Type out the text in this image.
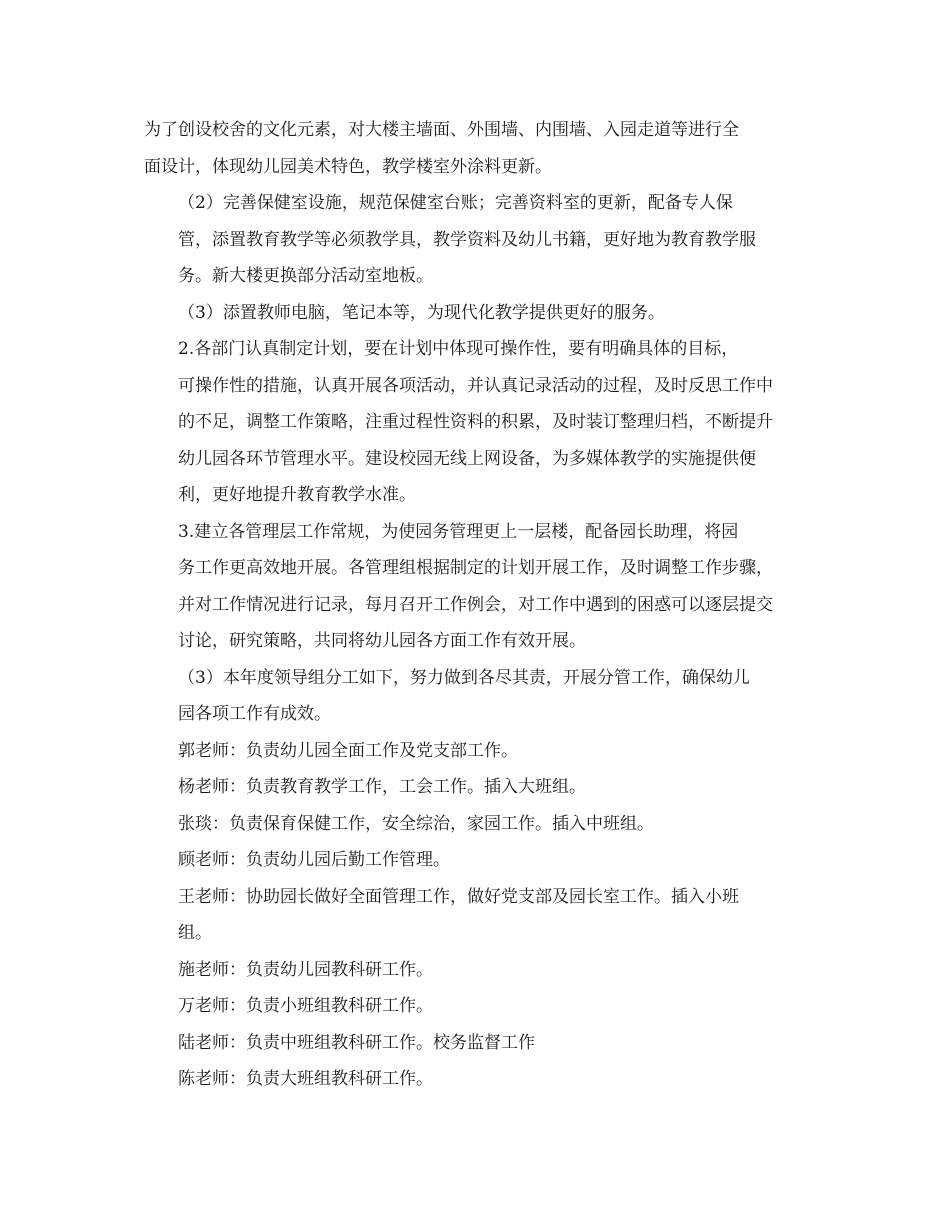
为了创设校舍的文化元素，对大楼主墙面、外围墙、内围墙、入园走道等进行全
面设计，体现幼儿园美术特色，教学楼室外涂料更新。
（2）完善保健室设施，规范保健室台账；完善资料室的更新，配备专人保
管，添置教育教学等必须教学具，教学资料及幼儿书籍，更好地为教育教学服
务。新大楼更换部分活动室地板。
（3）添置教师电脑，笔记本等，为现代化教学提供更好的服务。
2.各部门认真制定计划，要在计划中体现可操作性，要有明确具体的目标，
可操作性的措施，认真开展各项活动，并认真记录活动的过程，及时反思工作中
的不足，调整工作策略，注重过程性资料的积累，及时装订整理归档，不断提升
幼儿园各环节管理水平。建设校园无线上网设备，为多媒体教学的实施提供便
利，更好地提升教育教学水准。
3.建立各管理层工作常规，为使园务管理更上一层楼，配备园长助理，将园
务工作更高效地开展。各管理组根据制定的计划开展工作，及时调整工作步骤，
并对工作情况进行记录，每月召开工作例会，对工作中遇到的困惑可以逐层提交
讨论，研究策略，共同将幼儿园各方面工作有效开展。
（3）本年度领导组分工如下，努力做到各尽其责，开展分管工作，确保幼儿
园各项工作有成效。
郭老师：负责幼儿园全面工作及党支部工作。
杨老师：负责教育教学工作，工会工作。插入大班组。
张琰：负责保育保健工作，安全综治，家园工作。插入中班组。
顾老师：负责幼儿园后勤工作管理。
王老师：协助园长做好全面管理工作，做好党支部及园长室工作。插入小班
组。
施老师：负责幼儿园教科研工作。
万老师：负责小班组教科研工作。
陆老师：负责中班组教科研工作。校务监督工作
陈老师：负责大班组教科研工作。
